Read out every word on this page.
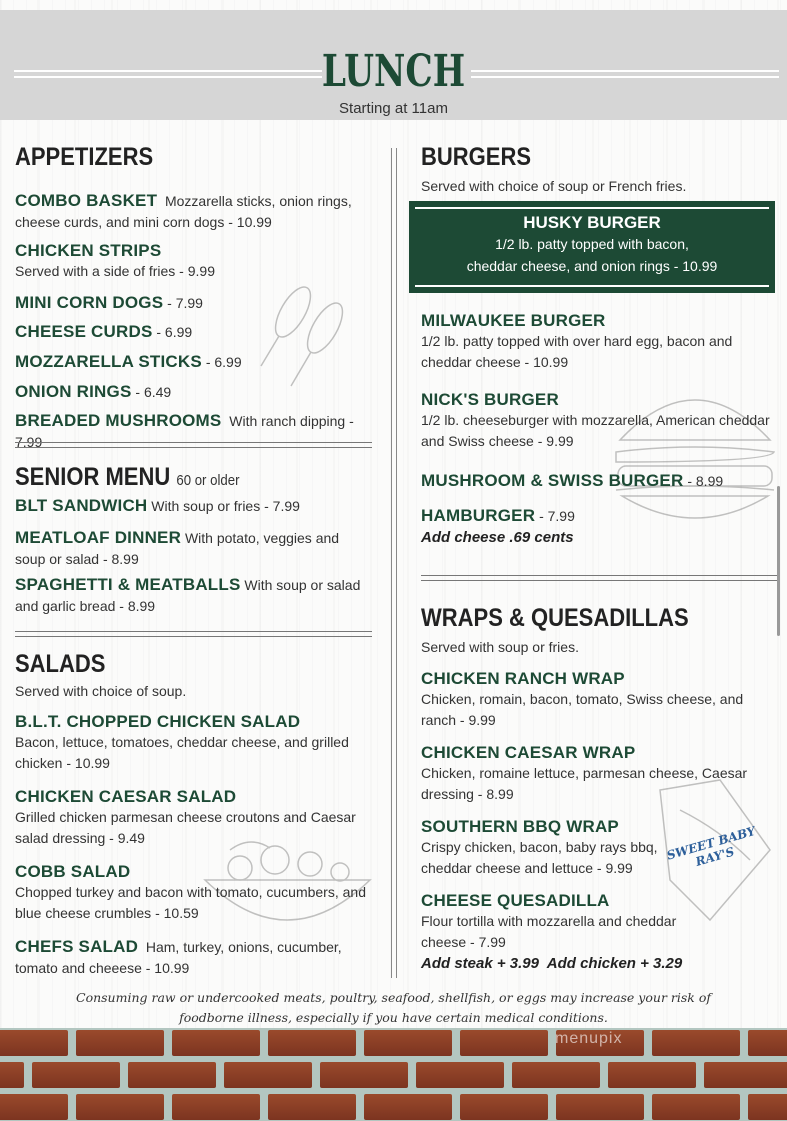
LUNCH
Starting at 11am
SWEET BABY RAY'S
APPETIZERS
COMBO BASKET Mozzarella sticks, onion rings, cheese curds, and mini corn dogs - 10.99
CHICKEN STRIPS
Served with a side of fries - 9.99
MINI CORN DOGS - 7.99
CHEESE CURDS - 6.99
MOZZARELLA STICKS - 6.99
ONION RINGS - 6.49
BREADED MUSHROOMS With ranch dipping - 7.99
SENIOR MENU 60 or older
BLT SANDWICH With soup or fries - 7.99
MEATLOAF DINNER With potato, veggies and soup or salad - 8.99
SPAGHETTI & MEATBALLS With soup or salad and garlic bread - 8.99
SALADS
Served with choice of soup.
B.L.T. CHOPPED CHICKEN SALAD
Bacon, lettuce, tomatoes, cheddar cheese, and grilled chicken - 10.99
CHICKEN CAESAR SALAD
Grilled chicken parmesan cheese croutons and Caesar salad dressing - 9.49
COBB SALAD
Chopped turkey and bacon with tomato, cucumbers, and blue cheese crumbles - 10.59
CHEFS SALAD Ham, turkey, onions, cucumber, tomato and cheeese - 10.99
BURGERS
Served with choice of soup or French fries.
HUSKY BURGER
1/2 lb. patty topped with bacon,
cheddar cheese, and onion rings - 10.99
MILWAUKEE BURGER
1/2 lb. patty topped with over hard egg, bacon and cheddar cheese - 10.99
NICK'S BURGER
1/2 lb. cheeseburger with mozzarella, American cheddar and Swiss cheese - 9.99
MUSHROOM & SWISS BURGER - 8.99
HAMBURGER - 7.99
Add cheese .69 cents
WRAPS & QUESADILLAS
Served with soup or fries.
CHICKEN RANCH WRAP
Chicken, romain, bacon, tomato, Swiss cheese, and ranch - 9.99
CHICKEN CAESAR WRAP
Chicken, romaine lettuce, parmesan cheese, Caesar dressing - 8.99
SOUTHERN BBQ WRAP
Crispy chicken, bacon, baby rays bbq, cheddar cheese and lettuce - 9.99
CHEESE QUESADILLA
Flour tortilla with mozzarella and cheddar cheese - 7.99
Add steak + 3.99  Add chicken + 3.29
Consuming raw or undercooked meats, poultry, seafood, shellfish, or eggs may increase your risk of
foodborne illness, especially if you have certain medical conditions.
menupix
